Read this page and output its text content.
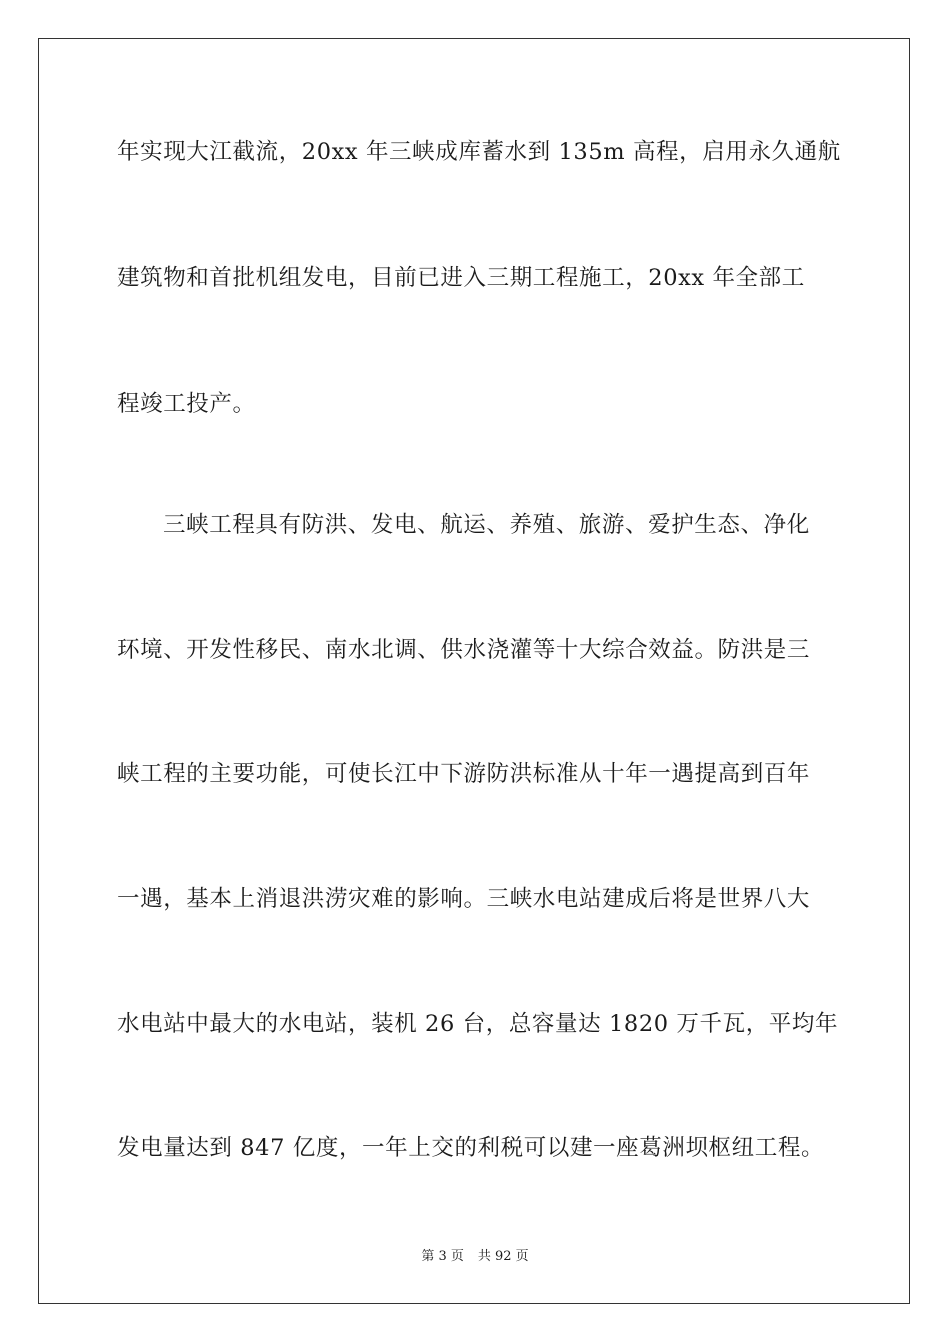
年实现大江截流，20xx 年三峡成库蓄水到 135m 高程，启用永久通航
建筑物和首批机组发电，目前已进入三期工程施工，20xx 年全部工
程竣工投产。
三峡工程具有防洪、发电、航运、养殖、旅游、爱护生态、净化
环境、开发性移民、南水北调、供水浇灌等十大综合效益。防洪是三
峡工程的主要功能，可使长江中下游防洪标准从十年一遇提高到百年
一遇，基本上消退洪涝灾难的影响。三峡水电站建成后将是世界八大
水电站中最大的水电站，装机 26 台，总容量达 1820 万千瓦，平均年
发电量达到 847 亿度，一年上交的利税可以建一座葛洲坝枢纽工程。
第 3 页 共 92 页
